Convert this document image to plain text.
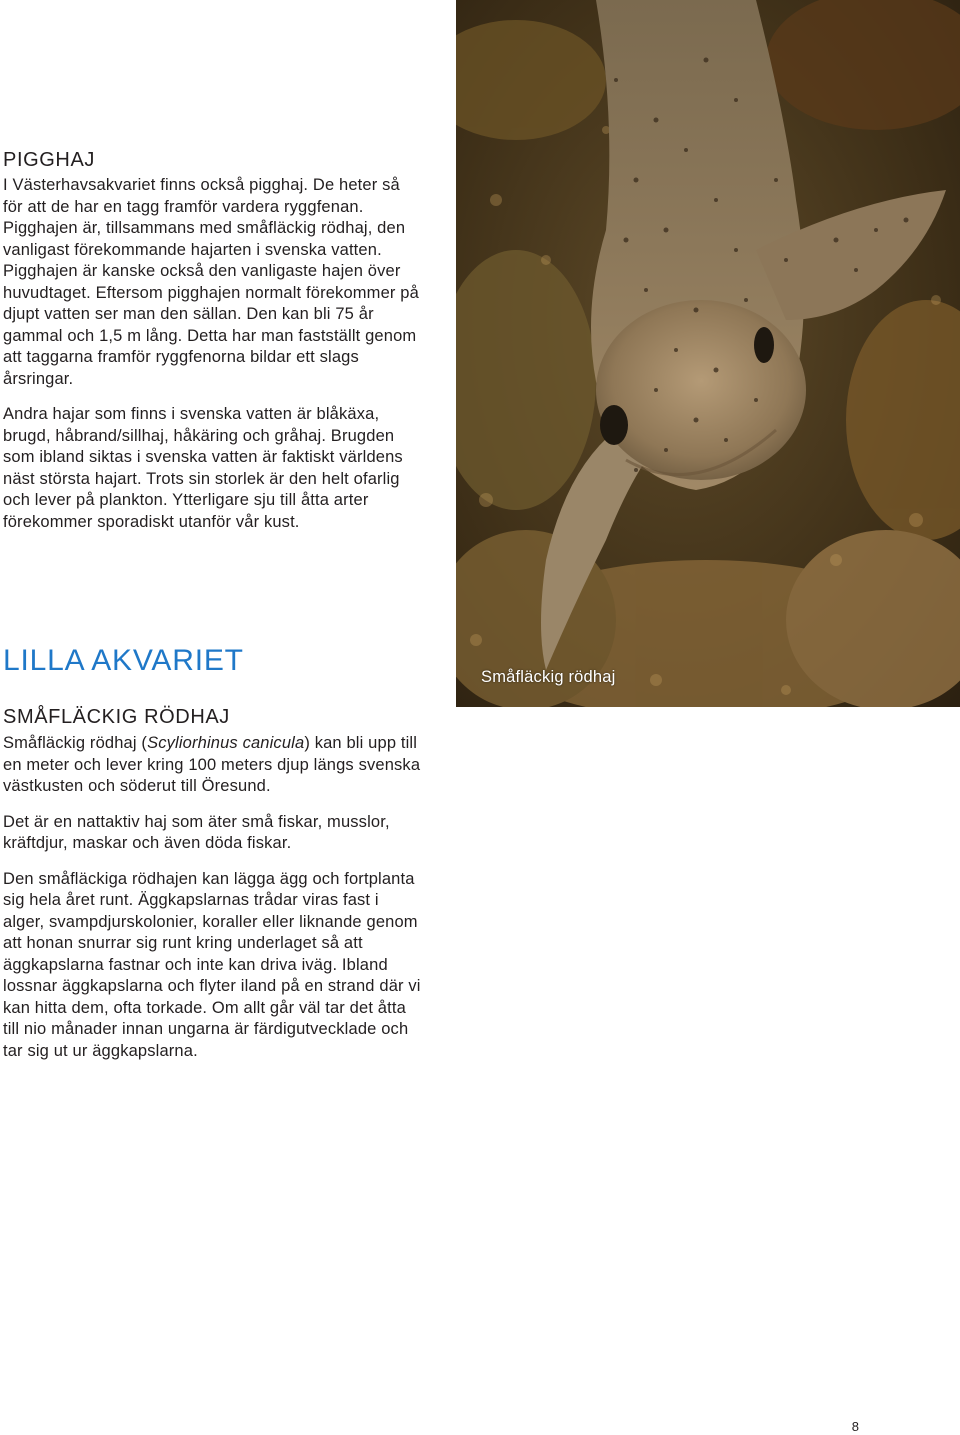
PIGGHAJ

I Västerhavsakvariet finns också pigghaj. De heter så för att de har en tagg framför vardera ryggfenan. Pigghajen är, tillsammans med småfläckig rödhaj, den vanligast förekommande hajarten i svenska vatten. Pigghajen är kanske också den vanligaste hajen över huvudtaget. Eftersom pigghajen normalt förekommer på djupt vatten ser man den sällan. Den kan bli 75 år gammal och 1,5 m lång. Detta har man fastställt genom att taggarna framför ryggfenorna bildar ett slags årsringar.

Andra hajar som finns i svenska vatten är blåkäxa, brugd, håbrand/sillhaj, håkäring och gråhaj. Brugden som ibland siktas i svenska vatten är faktiskt världens näst största hajart. Trots sin storlek är den helt ofarlig och lever på plankton. Ytterligare sju till åtta arter förekommer sporadiskt utanför vår kust.

LILLA AKVARIET
SMÅFLÄCKIG RÖDHAJ

Småfläckig rödhaj (Scyliorhinus canicula) kan bli upp till en meter och lever kring 100 meters djup längs svenska västkusten och söderut till Öresund.

Det är en nattaktiv haj som äter små fiskar, musslor, kräftdjur, maskar och även döda fiskar.

Den småfläckiga rödhajen kan lägga ägg och fortplanta sig hela året runt. Äggkapslarnas trådar viras fast i alger, svampdjurskolonier, koraller eller liknande genom att honan snurrar sig runt kring underlaget så att äggkapslarna fastnar och inte kan driva iväg. Ibland lossnar äggkapslarna och flyter iland på en strand där vi kan hitta dem, ofta torkade. Om allt går väl tar det åtta till nio månader innan ungarna är färdigutvecklade och tar sig ut ur äggkapslarna.

Småfläckig rödhaj
8
